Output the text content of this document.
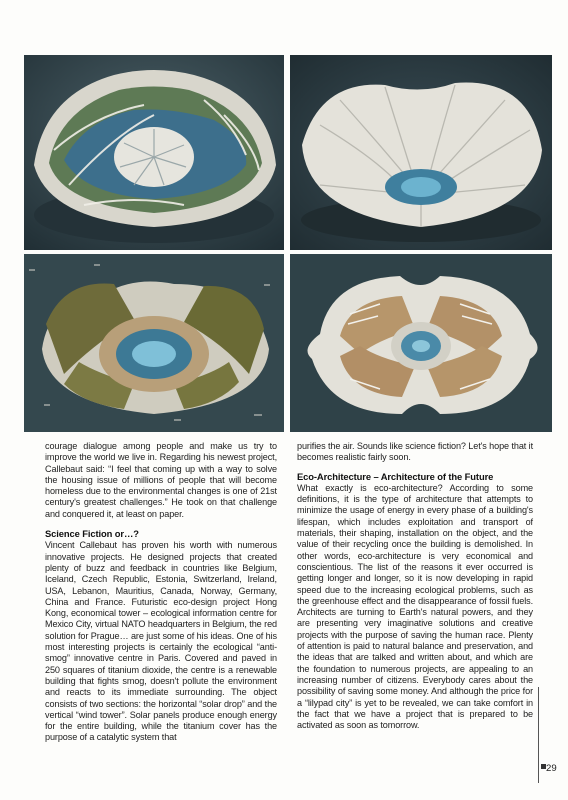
courage dialogue among people and make us try to improve the world we live in. Regarding his newest project, Callebaut said: “I feel that coming up with a way to solve the housing issue of millions of people that will become homeless due to the environmental changes is one of 21st century's greatest challenges.” He took on that challenge and conquered it, at least on paper.

Science Fiction or…?

Vincent Callebaut has proven his worth with numerous innovative projects. He designed projects that created plenty of buzz and feedback in countries like Belgium, Iceland, Czech Republic, Estonia, Switzerland, Ireland, USA, Lebanon, Mauritius, Canada, Norway, Germany, China and France. Futuristic eco-design project Hong Kong, economical tower – ecological information centre for Mexico City, virtual NATO headquarters in Belgium, the red solution for Prague… are just some of his ideas. One of his most interesting projects is certainly the ecological “anti-smog” innovative centre in Paris. Covered and paved in 250 squares of titanium dioxide, the centre is a renewable building that fights smog, doesn't pollute the environment and reacts to its immediate surrounding. The object consists of two sections: the horizontal “solar drop” and the vertical “wind tower”. Solar panels produce enough energy for the entire building, while the titanium cover has the purpose of a catalytic system that

purifies the air. Sounds like science fiction? Let's hope that it becomes realistic fairly soon.

Eco-Architecture – Architecture of the Future

What exactly is eco-architecture? According to some definitions, it is the type of architecture that attempts to minimize the usage of energy in every phase of a building's lifespan, which includes exploitation and transport of materials, their shaping, installation on the object, and the value of their recycling once the building is demolished. In other words, eco-architecture is very economical and conscientious. The list of the reasons it ever occurred is getting longer and longer, so it is now developing in rapid speed due to the increasing ecological problems, such as the greenhouse effect and the disappearance of fossil fuels. Architects are turning to Earth's natural powers, and they are presenting very imaginative solutions and creative projects with the purpose of saving the human race. Plenty of attention is paid to natural balance and preservation, and the ideas that are talked and written about, and which are the foundation to numerous projects, are appealing to an increasing number of citizens. Everybody cares about the possibility of saving some money. And although the price for a “lilypad city” is yet to be revealed, we can take comfort in the fact that we have a project that is prepared to be activated as soon as tomorrow.

29
